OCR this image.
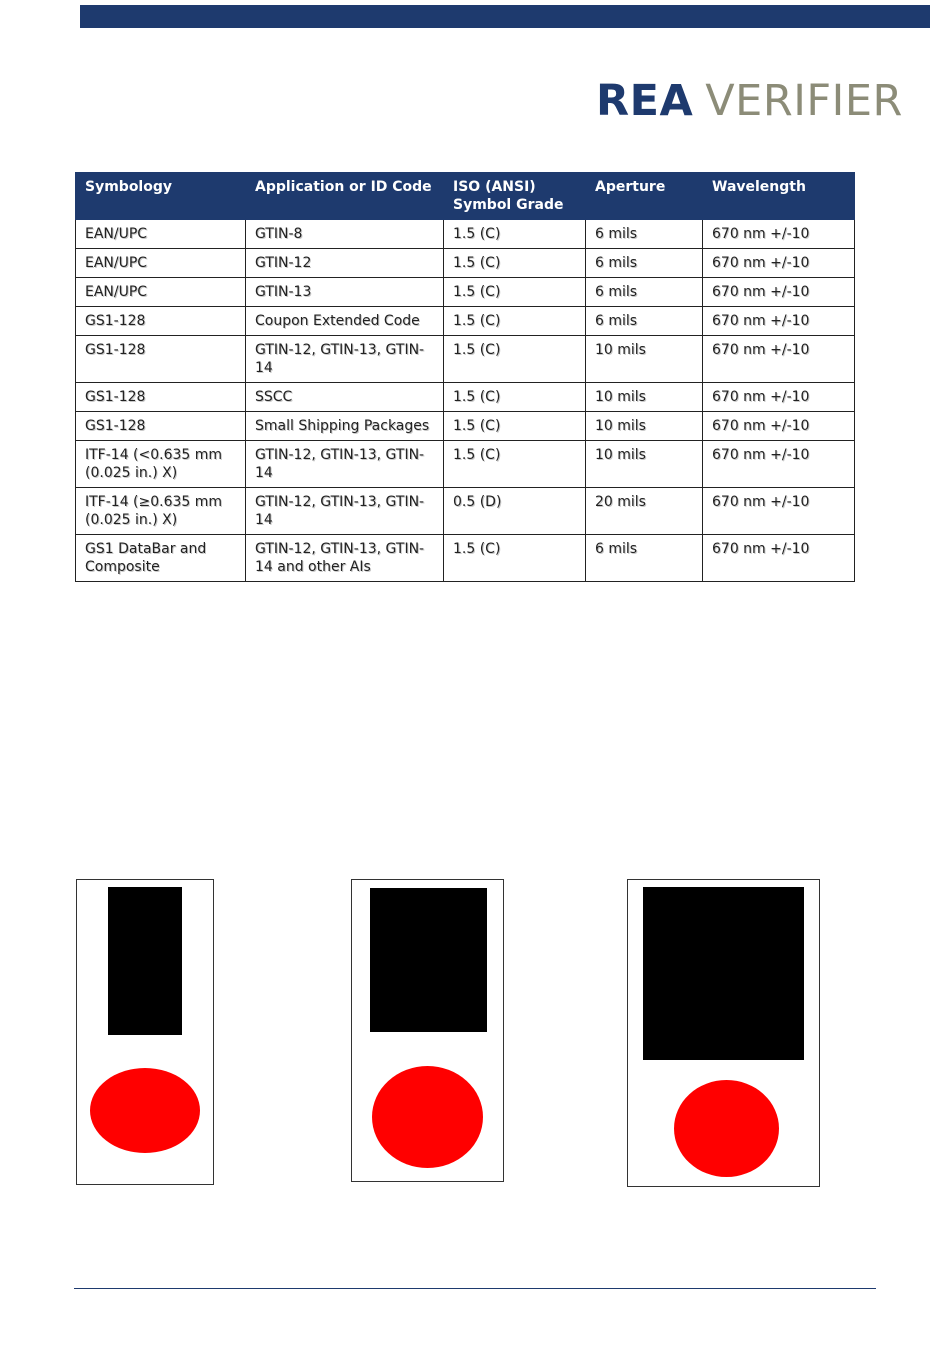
REA VERIFIER
Symbology	Application or ID Code	ISO (ANSI) Symbol Grade	Aperture	Wavelength
EAN/UPC	GTIN-8	1.5 (C)	6 mils	670 nm +/-10
EAN/UPC	GTIN-12	1.5 (C)	6 mils	670 nm +/-10
EAN/UPC	GTIN-13	1.5 (C)	6 mils	670 nm +/-10
GS1-128	Coupon Extended Code	1.5 (C)	6 mils	670 nm +/-10
GS1-128	GTIN-12, GTIN-13, GTIN-14	1.5 (C)	10 mils	670 nm +/-10
GS1-128	SSCC	1.5 (C)	10 mils	670 nm +/-10
GS1-128	Small Shipping Packages	1.5 (C)	10 mils	670 nm +/-10
ITF-14 (<0.635 mm (0.025 in.) X)	GTIN-12, GTIN-13, GTIN-14	1.5 (C)	10 mils	670 nm +/-10
ITF-14 (≥0.635 mm (0.025 in.) X)	GTIN-12, GTIN-13, GTIN-14	0.5 (D)	20 mils	670 nm +/-10
GS1 DataBar and Composite	GTIN-12, GTIN-13, GTIN-14 and other AIs	1.5 (C)	6 mils	670 nm +/-10
